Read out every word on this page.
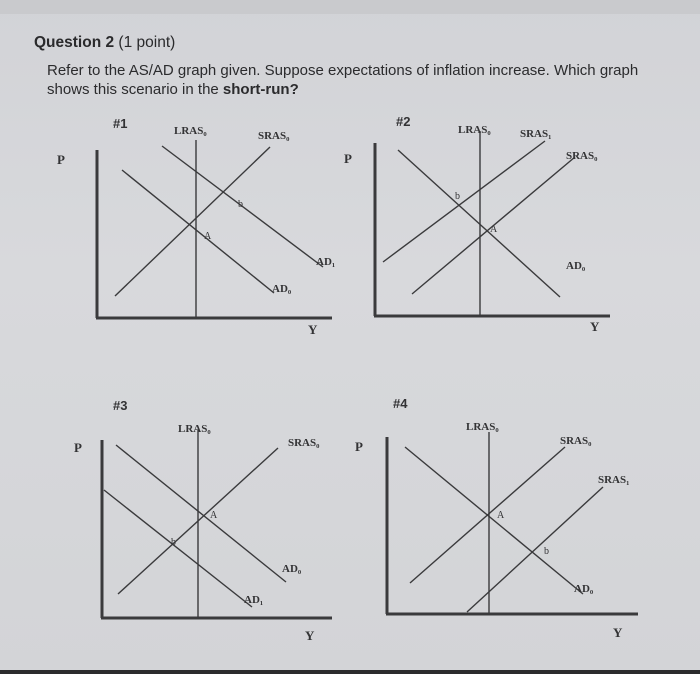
Question 2 (1 point)
Refer to the AS/AD graph given. Suppose expectations of inflation increase. Which graph shows this scenario in the short-run?
#1
P
Y
LRAS₀	SRAS₀
AD₁
AD₀
A
b
#2
P
Y
LRAS₀	SRAS₁
SRAS₀
AD₀
A
b
#3
P
Y
LRAS₀
SRAS₀
AD₀
AD₁
A
b
#4
P
Y
LRAS₀
SRAS₀
SRAS₁
AD₀
A
b
